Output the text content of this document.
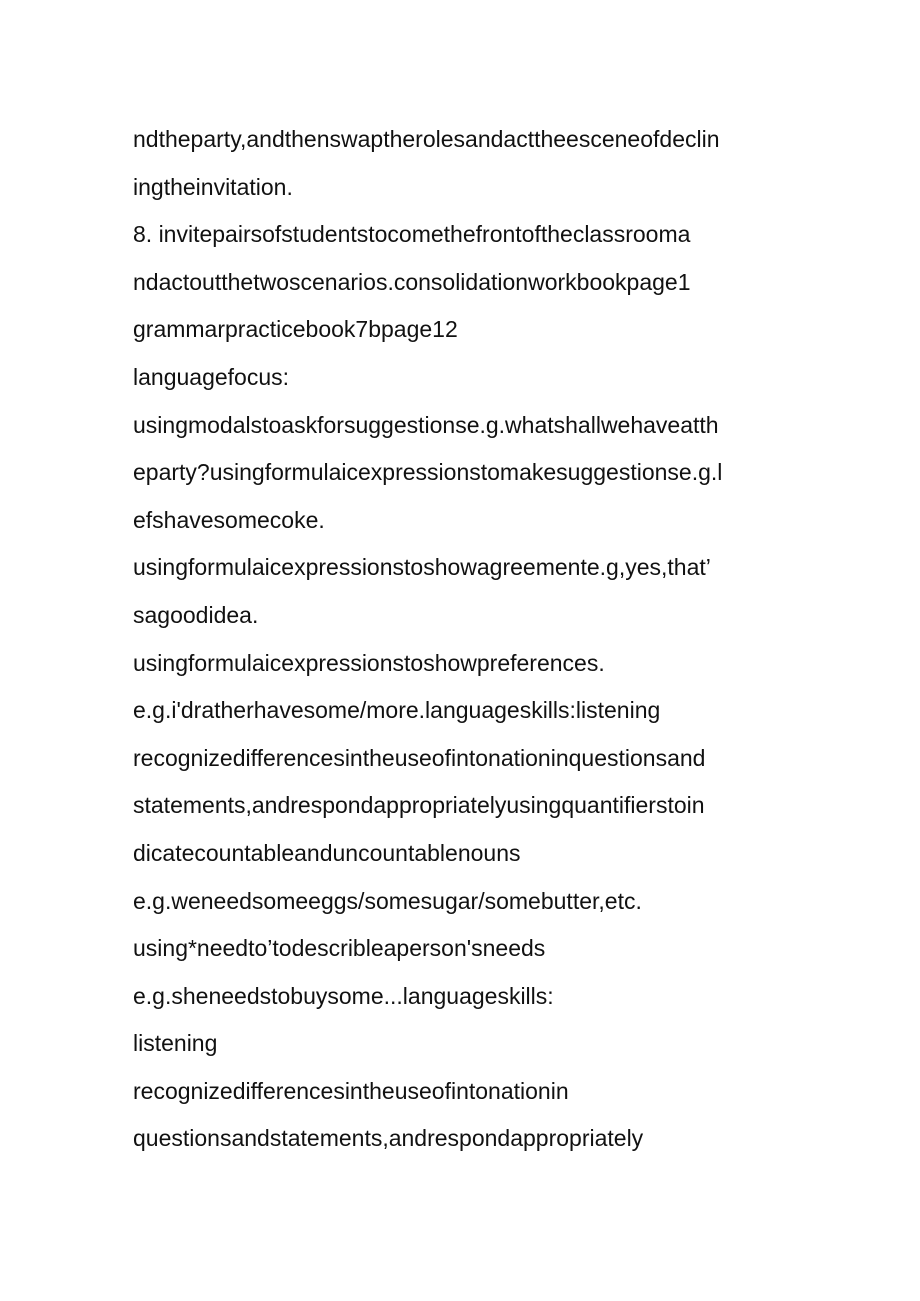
ndtheparty,andthenswaptherolesandacttheesceneofdeclin
ingtheinvitation.
8. invitepairsofstudentstocomethefrontoftheclassrooma
ndactoutthetwoscenarios.consolidationworkbookpage1
grammarpracticebook7bpage12
languagefocus:
usingmodalstoaskforsuggestionse.g.whatshallwehaveatth
eparty?usingformulaicexpressionstomakesuggestionse.g.l
efshavesomecoke.
usingformulaicexpressionstoshowagreemente.g,yes,that’
sagoodidea.
usingformulaicexpressionstoshowpreferences.
e.g.i'dratherhavesome/more.languageskills:listening
recognizedifferencesintheuseofintonationinquestionsand
statements,andrespondappropriatelyusingquantifierstoin
dicatecountableanduncountablenouns
e.g.weneedsomeeggs/somesugar/somebutter,etc.
using*needto’todescribleaperson'sneeds
e.g.sheneedstobuysome...languageskills:
listening
recognizedifferencesintheuseofintonationin
questionsandstatements,andrespondappropriately
